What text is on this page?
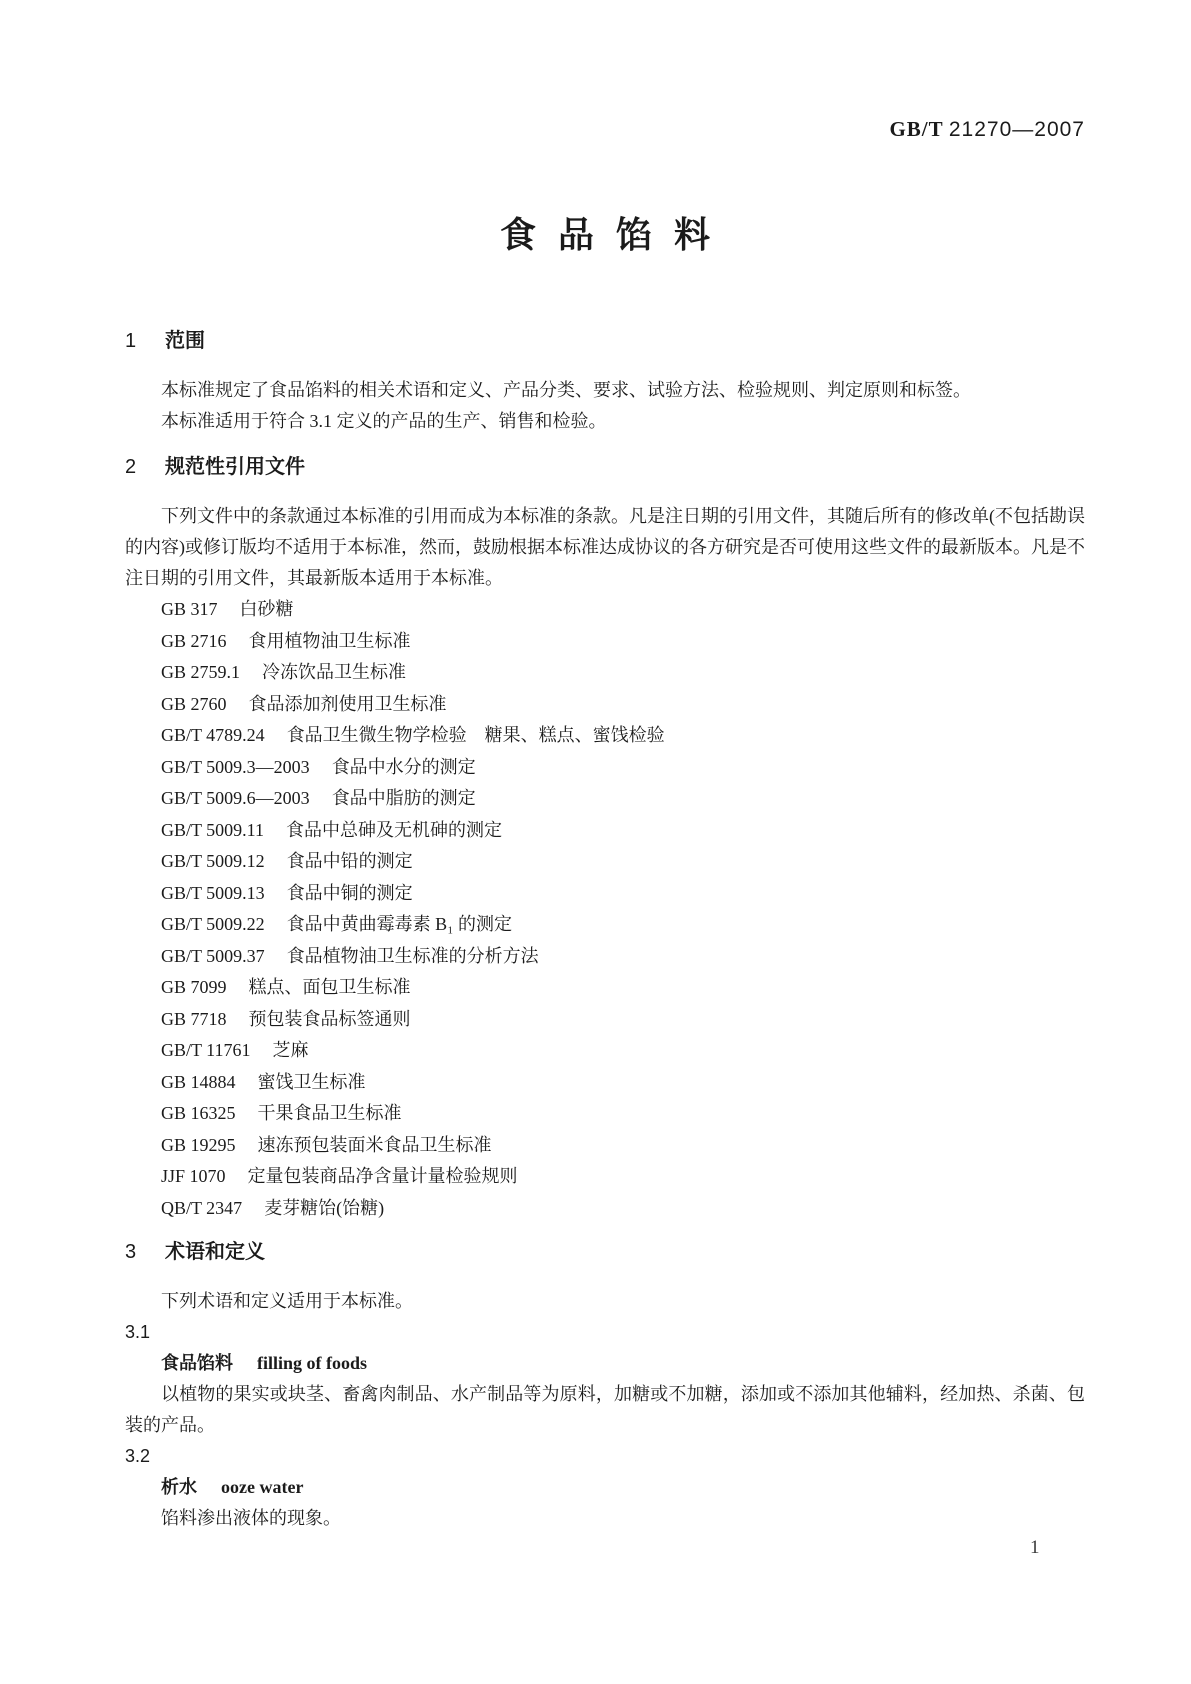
GB/T 21270—2007
食品馅料
1 范围

本标准规定了食品馅料的相关术语和定义、产品分类、要求、试验方法、检验规则、判定原则和标签。

本标准适用于符合 3.1 定义的产品的生产、销售和检验。

2 规范性引用文件

下列文件中的条款通过本标准的引用而成为本标准的条款。凡是注日期的引用文件，其随后所有的修改单(不包括勘误的内容)或修订版均不适用于本标准，然而，鼓励根据本标准达成协议的各方研究是否可使用这些文件的最新版本。凡是不注日期的引用文件，其最新版本适用于本标准。

GB 317 白砂糖
GB 2716 食用植物油卫生标准
GB 2759.1 冷冻饮品卫生标准
GB 2760 食品添加剂使用卫生标准
GB/T 4789.24 食品卫生微生物学检验　糖果、糕点、蜜饯检验
GB/T 5009.3—2003 食品中水分的测定
GB/T 5009.6—2003 食品中脂肪的测定
GB/T 5009.11 食品中总砷及无机砷的测定
GB/T 5009.12 食品中铅的测定
GB/T 5009.13 食品中铜的测定
GB/T 5009.22 食品中黄曲霉毒素 B₁ 的测定
GB/T 5009.37 食品植物油卫生标准的分析方法
GB 7099 糕点、面包卫生标准
GB 7718 预包装食品标签通则
GB/T 11761 芝麻
GB 14884 蜜饯卫生标准
GB 16325 干果食品卫生标准
GB 19295 速冻预包装面米食品卫生标准
JJF 1070 定量包装商品净含量计量检验规则
QB/T 2347 麦芽糖饴(饴糖)
3 术语和定义

下列术语和定义适用于本标准。

3.1
食品馅料 filling of foods

以植物的果实或块茎、畜禽肉制品、水产制品等为原料，加糖或不加糖，添加或不添加其他辅料，经加热、杀菌、包装的产品。

3.2
析水 ooze water

馅料渗出液体的现象。

1
